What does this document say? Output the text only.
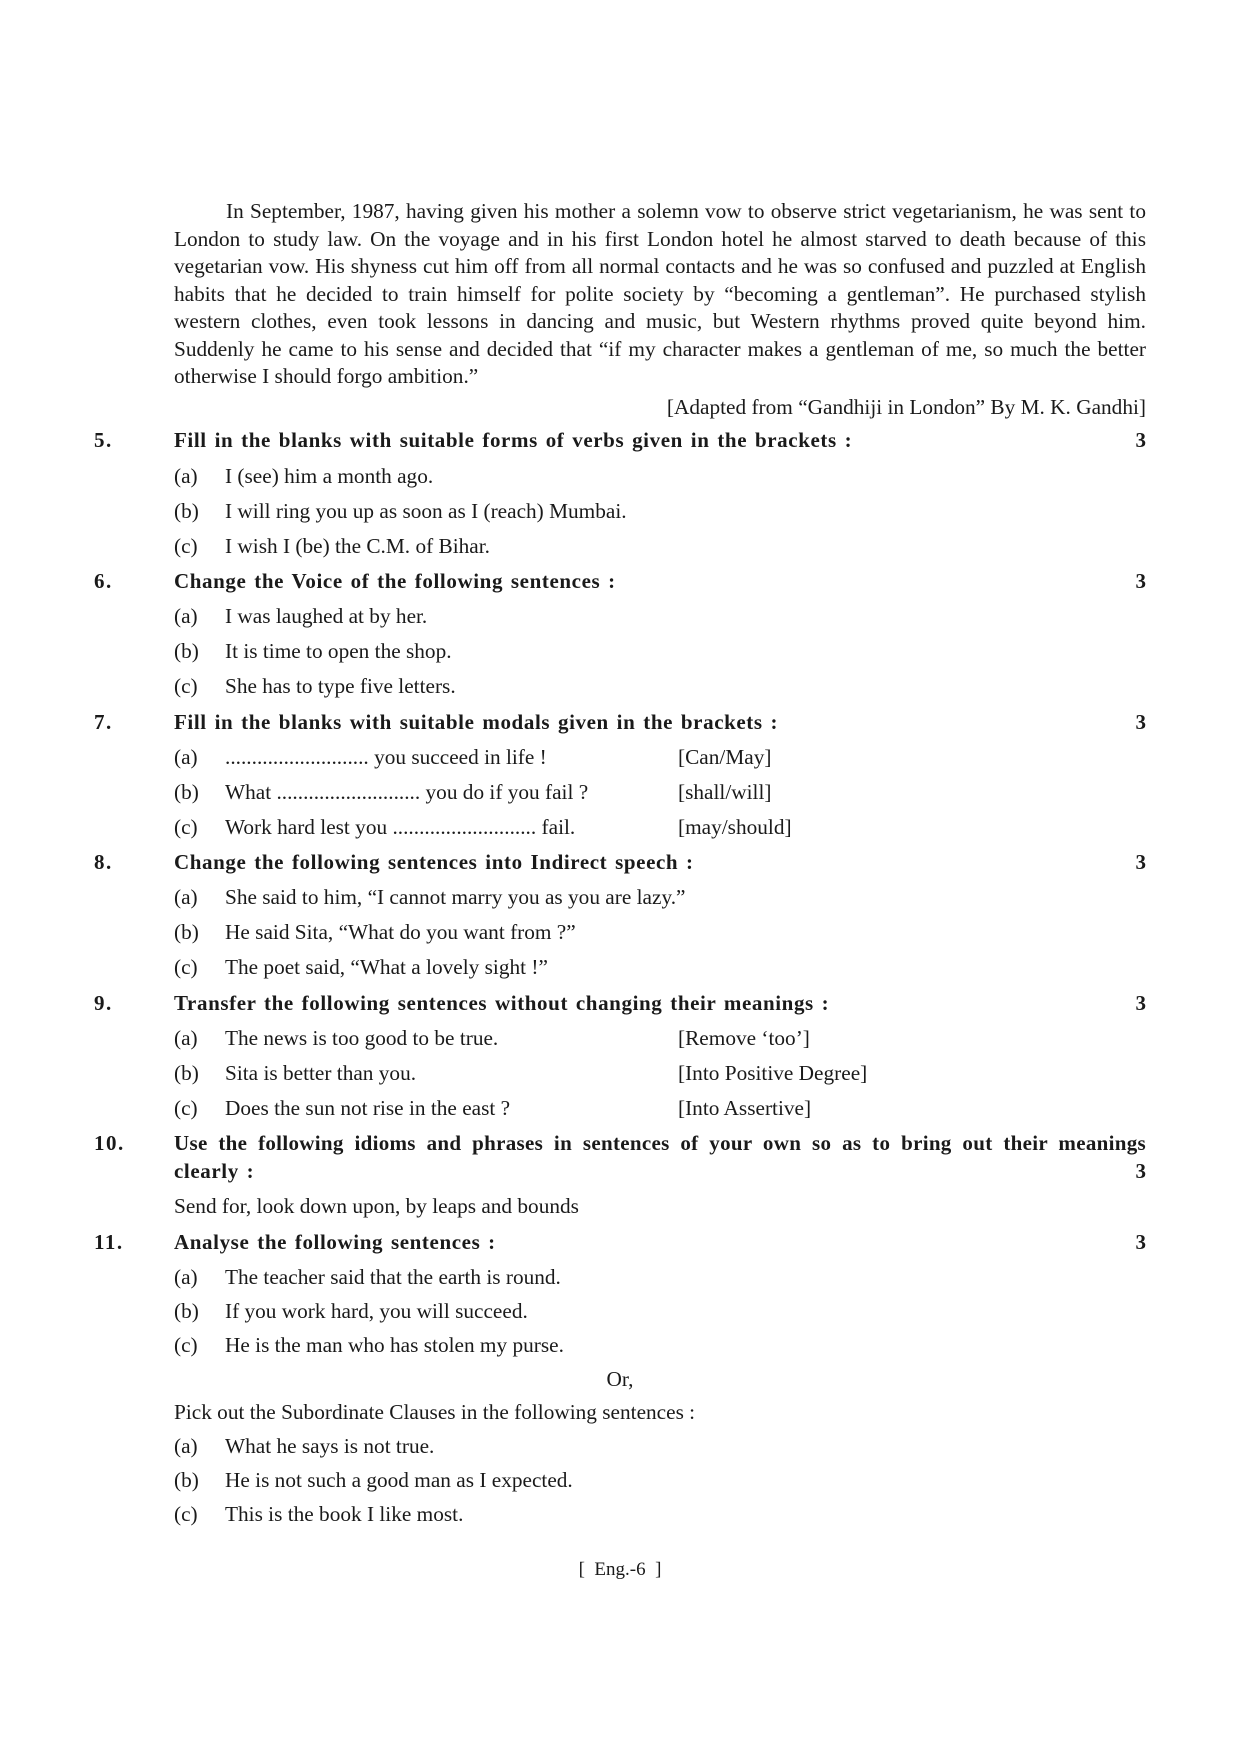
In September, 1987, having given his mother a solemn vow to observe strict vegetarianism, he was sent to London to study law. On the voyage and in his first London hotel he almost starved to death because of this vegetarian vow. His shyness cut him off from all normal contacts and he was so confused and puzzled at English habits that he decided to train himself for polite society by “becoming a gentleman”. He purchased stylish western clothes, even took lessons in dancing and music, but Western rhythms proved quite beyond him. Suddenly he came to his sense and decided that “if my character makes a gentleman of me, so much the better otherwise I should forgo ambition.”

[Adapted from “Gandhiji in London” By M. K. Gandhi]
5.	Fill in the blanks with suitable forms of verbs given in the brackets :	3
(a) I (see) him a month ago.
(b) I will ring you up as soon as I (reach) Mumbai.
(c) I wish I (be) the C.M. of Bihar.
6.	Change the Voice of the following sentences :	3
(a) I was laughed at by her.
(b) It is time to open the shop.
(c) She has to type five letters.
7.	Fill in the blanks with suitable modals given in the brackets :	3
(a) ........................... you succeed in life !	[Can/May]
(b) What ........................... you do if you fail ?	[shall/will]
(c) Work hard lest you ........................... fail.	[may/should]
8.	Change the following sentences into Indirect speech :	3
(a) She said to him, “I cannot marry you as you are lazy.”
(b) He said Sita, “What do you want from ?”
(c) The poet said, “What a lovely sight !”
9.	Transfer the following sentences without changing their meanings :	3
(a) The news is too good to be true.	[Remove ‘too’]
(b) Sita is better than you.	[Into Positive Degree]
(c) Does the sun not rise in the east ?	[Into Assertive]
10. Use the following idioms and phrases in sentences of your own so as to bring out their meanings
clearly :	3
Send for, look down upon, by leaps and bounds
11. Analyse the following sentences :	3
(a) The teacher said that the earth is round.
(b) If you work hard, you will succeed.
(c) He is the man who has stolen my purse.
Or,
Pick out the Subordinate Clauses in the following sentences :
(a) What he says is not true.
(b) He is not such a good man as I expected.
(c) This is the book I like most.
[  Eng.-6  ]
